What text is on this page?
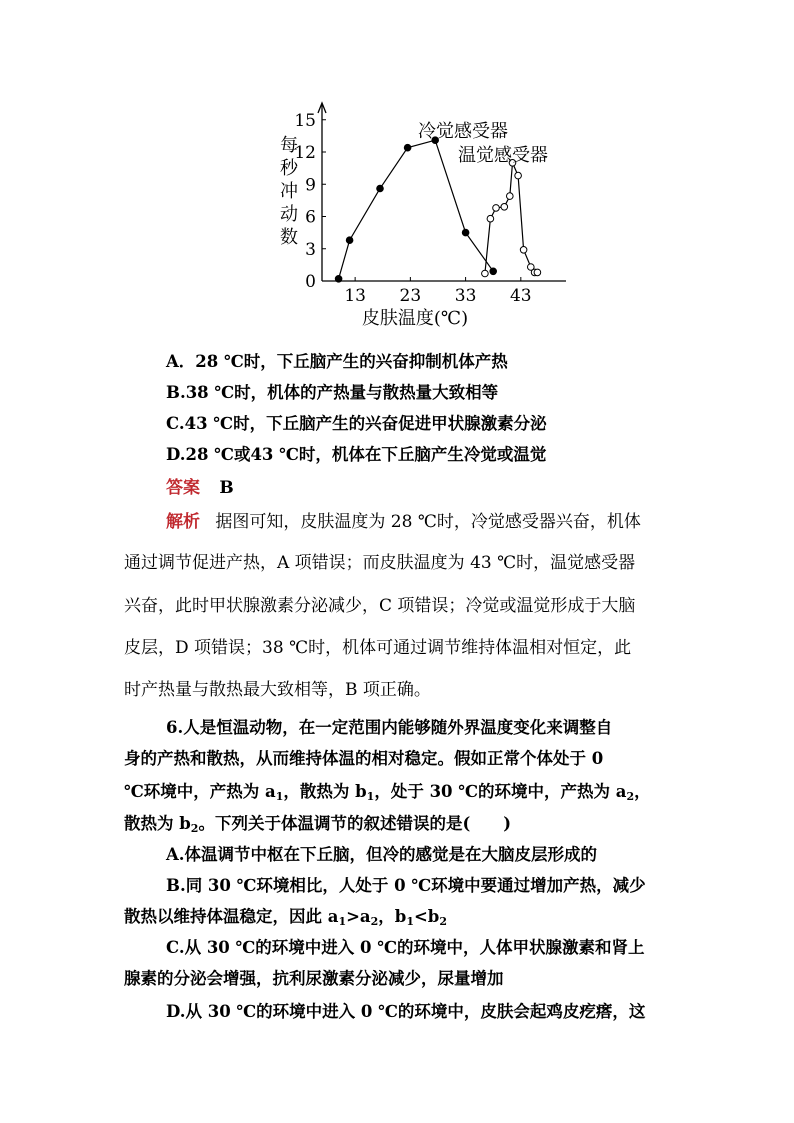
0
3
6
9
12
15
13 23 33 43
冷觉感受器
温觉感受器
每秒冲动数
皮肤温度(℃)
A．28 ℃时，下丘脑产生的兴奋抑制机体产热
B.38 ℃时，机体的产热量与散热量大致相等
C.43 ℃时，下丘脑产生的兴奋促进甲状腺激素分泌
D.28 ℃或43 ℃时，机体在下丘脑产生冷觉或温觉
答案 B
解析 据图可知，皮肤温度为 28 ℃时，冷觉感受器兴奋，机体
通过调节促进产热，A 项错误；而皮肤温度为 43 ℃时，温觉感受器
兴奋，此时甲状腺激素分泌减少，C 项错误；冷觉或温觉形成于大脑
皮层，D 项错误；38 ℃时，机体可通过调节维持体温相对恒定，此
时产热量与散热最大致相等，B 项正确。
6.人是恒温动物，在一定范围内能够随外界温度变化来调整自
身的产热和散热，从而维持体温的相对稳定。假如正常个体处于 0
℃环境中，产热为 $a_1$，散热为 $b_1$，处于 30 ℃的环境中，产热为 $a_2$，
散热为 $b_2$。下列关于体温调节的叙述错误的是(　　)
A.体温调节中枢在下丘脑，但冷的感觉是在大脑皮层形成的
B.同 30 ℃环境相比，人处于 0 ℃环境中要通过增加产热，减少
散热以维持体温稳定，因此 $a_1>a_2$，$b_1<b_2$
C.从 30 ℃的环境中进入 0 ℃的环境中，人体甲状腺激素和肾上
腺素的分泌会增强，抗利尿激素分泌减少，尿量增加
D.从 30 ℃的环境中进入 0 ℃的环境中，皮肤会起鸡皮疙瘩，这
